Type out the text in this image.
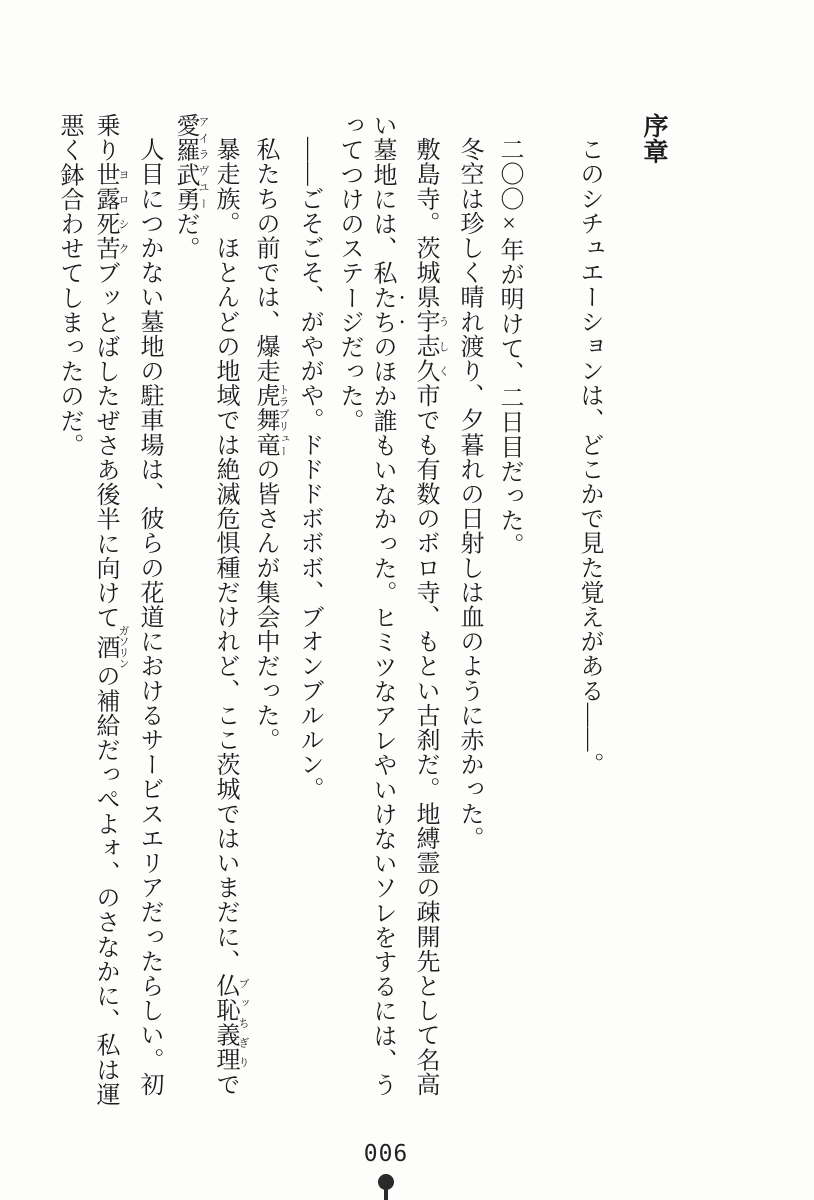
序章
このシチュエーションは、どこかで見た覚えがある――。
二〇〇×年が明けて、二日目だった。
冬空は珍しく晴れ渡り、夕暮れの日射しは血のように赤かった。
敷島寺。茨城県宇志久 うしく市でも有数のボロ寺、もとい古刹だ。地縛霊の疎開先として名高
い墓地には、私たちのほか誰もいなかった。ヒミツなアレやいけないソレをするには、う
ってつけのステージだった。
――ごそごそ、がやがや。ドドドボボボ、ブオンブルルン。
私たちの前では、爆走虎舞竜 トラブリューの皆さんが集会中だった。
暴走族。ほとんどの地域では絶滅危惧種だけれど、ここ茨城ではいまだに、仏恥義理 ブッちぎりで
愛羅武勇 アイラヴユーだ。
人目につかない墓地の駐車場は、彼らの花道におけるサービスエリアだったらしい。初
乗り世露死苦 ヨロシクブッとばしたぜさあ後半に向けて酒 ガソリンの補給だっぺよォ、のさなかに、私は運
悪く鉢合わせてしまったのだ。
006
